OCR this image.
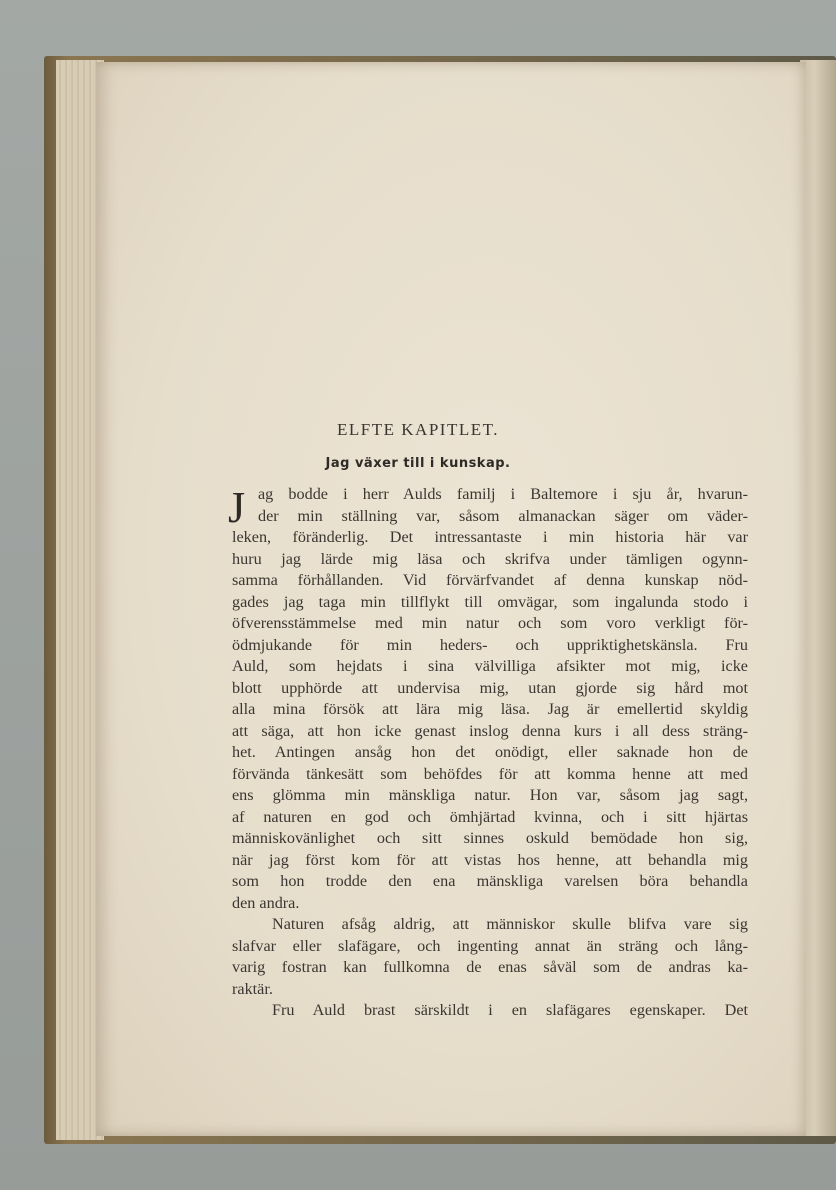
ELFTE KAPITLET.
Jag växer till i kunskap.
J ag bodde i herr Aulds familj i Baltemore i sju år, hvarun-
der min ställning var, såsom almanackan säger om väder-
leken, föränderlig. Det intressantaste i min historia här var
huru jag lärde mig läsa och skrifva under tämligen ogynn-
samma förhållanden. Vid förvärfvandet af denna kunskap nöd-
gades jag taga min tillflykt till omvägar, som ingalunda stodo i
öfverensstämmelse med min natur och som voro verkligt för-
ödmjukande för min heders- och uppriktighetskänsla. Fru
Auld, som hejdats i sina välvilliga afsikter mot mig, icke
blott upphörde att undervisa mig, utan gjorde sig hård mot
alla mina försök att lära mig läsa. Jag är emellertid skyldig
att säga, att hon icke genast inslog denna kurs i all dess sträng-
het. Antingen ansåg hon det onödigt, eller saknade hon de
förvända tänkesätt som behöfdes för att komma henne att med
ens glömma min mänskliga natur. Hon var, såsom jag sagt,
af naturen en god och ömhjärtad kvinna, och i sitt hjärtas
människovänlighet och sitt sinnes oskuld bemödade hon sig,
när jag först kom för att vistas hos henne, att behandla mig
som hon trodde den ena mänskliga varelsen böra behandla
den andra.
Naturen afsåg aldrig, att människor skulle blifva vare sig
slafvar eller slafägare, och ingenting annat än sträng och lång-
varig fostran kan fullkomna de enas såväl som de andras ka-
raktär.
Fru Auld brast särskildt i en slafägares egenskaper. Det
